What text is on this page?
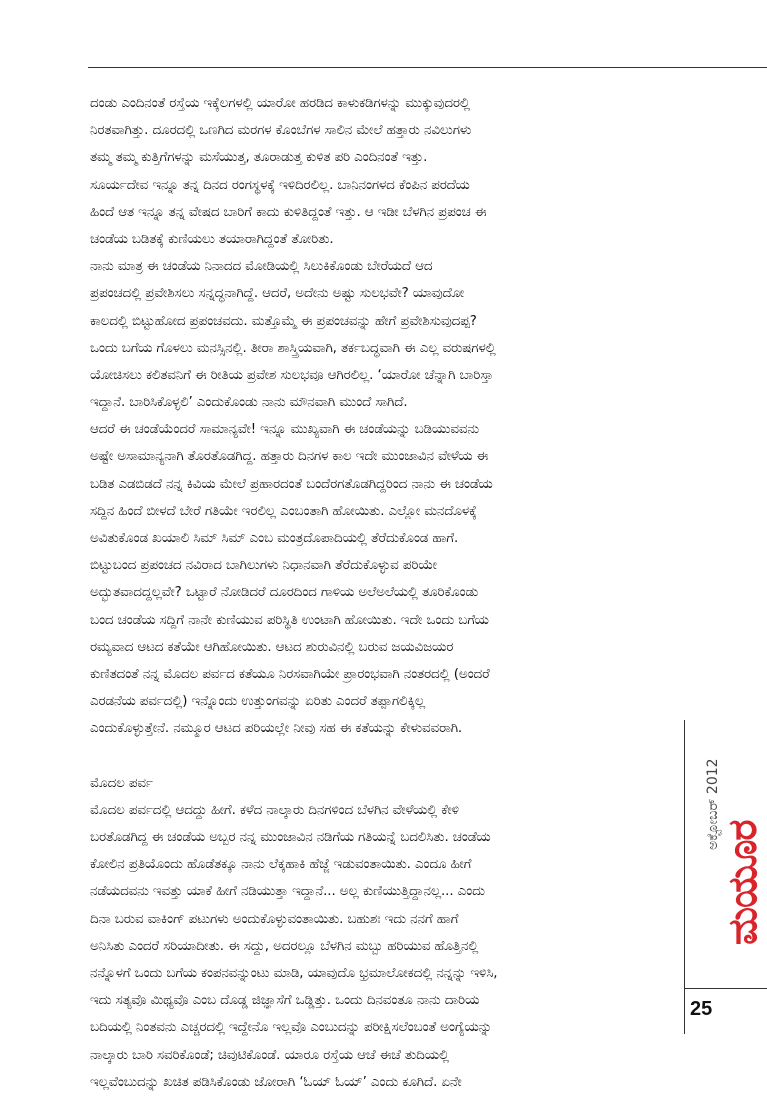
ದಂಡು ಎಂದಿನಂತೆ ರಸ್ತೆಯ ಇಕ್ಕೆಲಗಳಲ್ಲಿ ಯಾರೋ ಹರಡಿದ ಕಾಳುಕಡಿಗಳನ್ನು ಮುಕ್ಕುವುದರಲ್ಲಿ
ನಿರತವಾಗಿತ್ತು. ದೂರದಲ್ಲಿ ಒಣಗಿದ ಮರಗಳ ಕೊಂಬೆಗಳ ಸಾಲಿನ ಮೇಲೆ ಹತ್ತಾರು ನವಿಲುಗಳು
ತಮ್ಮ ತಮ್ಮ ಕುತ್ತಿಗೆಗಳನ್ನು ಮಸೆಯುತ್ತ, ತೂರಾಡುತ್ತ ಕುಳಿತ ಪರಿ ಎಂದಿನಂತೆ ಇತ್ತು.
ಸೂರ್ಯದೇವ ಇನ್ನೂ ತನ್ನ ದಿನದ ರಂಗಸ್ಥಳಕ್ಕೆ ಇಳಿದಿರಲಿಲ್ಲ. ಬಾನಿನಂಗಳದ ಕೆಂಪಿನ ಪರದೆಯ
ಹಿಂದೆ ಆತ ಇನ್ನೂ ತನ್ನ ವೇಷದ ಬಾರಿಗೆ ಕಾದು ಕುಳಿತಿದ್ದಂತೆ ಇತ್ತು. ಆ ಇಡೀ ಬೆಳಗಿನ ಪ್ರಪಂಚ ಈ
ಚಂಡೆಯ ಬಡಿತಕ್ಕೆ ಕುಣಿಯಲು ತಯಾರಾಗಿದ್ದಂತೆ ತೋರಿತು.
ನಾನು ಮಾತ್ರ ಈ ಚಂಡೆಯ ನಿನಾದದ ಮೋಡಿಯಲ್ಲಿ ಸಿಲುಕಿಕೊಂಡು ಬೇರೆಯದೆ ಆದ
ಪ್ರಪಂಚದಲ್ಲಿ ಪ್ರವೇಶಿಸಲು ಸನ್ನದ್ಧನಾಗಿದ್ದೆ. ಆದರೆ, ಅದೇನು ಅಷ್ಟು ಸುಲಭವೇ? ಯಾವುದೋ
ಕಾಲದಲ್ಲಿ ಬಿಟ್ಟುಹೋದ ಪ್ರಪಂಚವದು. ಮತ್ತೊಮ್ಮೆ ಈ ಪ್ರಪಂಚವನ್ನು ಹೇಗೆ ಪ್ರವೇಶಿಸುವುದಪ್ಪ?
ಒಂದು ಬಗೆಯ ಗೊಳಲು ಮನಸ್ಸಿನಲ್ಲಿ. ತೀರಾ ಶಾಸ್ತ್ರಿಯವಾಗಿ, ತರ್ಕಬದ್ಧವಾಗಿ ಈ ಎಲ್ಲ ವರುಷಗಳಲ್ಲಿ
ಯೋಚಿಸಲು ಕಲಿತವನಿಗೆ ಈ ರೀತಿಯ ಪ್ರವೇಶ ಸುಲಭವೂ ಆಗಿರಲಿಲ್ಲ. ‘ಯಾರೋ ಚೆನ್ನಾಗಿ ಬಾರಿಸ್ತಾ
ಇದ್ದಾನೆ. ಬಾರಿಸಿಕೊಳ್ಳಲಿ’ ಎಂದುಕೊಂಡು ನಾನು ಮೌನವಾಗಿ ಮುಂದೆ ಸಾಗಿದೆ.
ಆದರೆ ಈ ಚಂಡೆಯೆಂದರೆ ಸಾಮಾನ್ಯವೇ! ಇನ್ನೂ ಮುಖ್ಯವಾಗಿ ಈ ಚಂಡೆಯನ್ನು ಬಡಿಯುವವನು
ಅಷ್ಟೇ ಅಸಾಮಾನ್ಯನಾಗಿ ತೊರತೊಡಗಿದ್ದ. ಹತ್ತಾರು ದಿನಗಳ ಕಾಲ ಇದೇ ಮುಂಜಾವಿನ ವೇಳೆಯ ಈ
ಬಡಿತ ಎಡಬಿಡದೆ ನನ್ನ ಕಿವಿಯ ಮೇಲೆ ಪ್ರಹಾರದಂತೆ ಬಂದೆರಗತೊಡಗಿದ್ದರಿಂದ ನಾನು ಈ ಚಂಡೆಯ
ಸದ್ದಿನ ಹಿಂದೆ ಬೀಳದೆ ಬೇರೆ ಗತಿಯೇ ಇರಲಿಲ್ಲ ಎಂಬಂತಾಗಿ ಹೋಯಿತು. ಎಲ್ಲೋ ಮನದೊಳಕ್ಕೆ
ಅವಿತುಕೊಂಡ ಖಯಾಲಿ ಸಿಮ್ ಸಿಮ್ ಎಂಬ ಮಂತ್ರದೊಪಾದಿಯಲ್ಲಿ ತೆರೆದುಕೊಂಡ ಹಾಗೆ.
ಬಿಟ್ಟುಬಂದ ಪ್ರಪಂಚದ ನವಿರಾದ ಬಾಗಿಲುಗಳು ನಿಧಾನವಾಗಿ ತೆರೆದುಕೊಳ್ಳುವ ಪರಿಯೇ
ಅದ್ಭುತವಾದದ್ದಲ್ಲವೇ? ಒಟ್ಟಾರೆ ನೋಡಿದರೆ ದೂರದಿಂದ ಗಾಳಿಯ ಅಲೆಅಲೆಯಲ್ಲಿ ತೂರಿಕೊಂಡು
ಬಂದ ಚಂಡೆಯ ಸದ್ದಿಗೆ ನಾನೇ ಕುಣಿಯುವ ಪರಿಸ್ಥಿತಿ ಉಂಟಾಗಿ ಹೋಯಿತು. ಇದೇ ಒಂದು ಬಗೆಯ
ರಮ್ಯವಾದ ಆಟದ ಕತೆಯೇ ಆಗಿಹೋಯಿತು. ಆಟದ ಶುರುವಿನಲ್ಲಿ ಬರುವ ಜಯವಿಜಯರ
ಕುಣಿತದಂತೆ ನನ್ನ ಮೊದಲ ಪರ್ವದ ಕತೆಯೂ ನಿರಸವಾಗಿಯೇ ಪ್ರಾರಂಭವಾಗಿ ನಂತರದಲ್ಲಿ (ಅಂದರೆ
ಎರಡನೆಯ ಪರ್ವದಲ್ಲಿ) ಇನ್ನೊಂದು ಉತ್ತುಂಗವನ್ನು ಏರಿತು ಎಂದರೆ ತಪ್ಪಾಗಲಿಕ್ಕಿಲ್ಲ
ಎಂದುಕೊಳ್ಳುತ್ತೇನೆ. ನಮ್ಮೂರ ಆಟದ ಪರಿಯಲ್ಲೇ ನೀವು ಸಹ ಈ ಕತೆಯನ್ನು ಕೇಳುವವರಾಗಿ.
ಮೊದಲ ಪರ್ವ
ಮೊದಲ ಪರ್ವದಲ್ಲಿ ಆದದ್ದು ಹೀಗೆ. ಕಳೆದ ನಾಲ್ಕಾರು ದಿನಗಳಿಂದ ಬೆಳಗಿನ ವೇಳೆಯಲ್ಲಿ ಕೇಳಿ
ಬರತೊಡಗಿದ್ದ ಈ ಚಂಡೆಯ ಅಬ್ಬರ ನನ್ನ ಮುಂಜಾವಿನ ನಡಿಗೆಯ ಗತಿಯನ್ನೆ ಬದಲಿಸಿತು. ಚಂಡೆಯ
ಕೋಲಿನ ಪ್ರತಿಯೊಂದು ಹೊಡೆತಕ್ಕೂ ನಾನು ಲೆಕ್ಕಹಾಕಿ ಹೆಜ್ಜೆ ಇಡುವಂತಾಯಿತು. ಎಂದೂ ಹೀಗೆ
ನಡೆಯದವನು ಇವತ್ತು ಯಾಕೆ ಹೀಗೆ ನಡಿಯುತ್ತಾ ಇದ್ದಾನೆ... ಅಲ್ಲ ಕುಣಿಯುತ್ತಿದ್ದಾನಲ್ಲ... ಎಂದು
ದಿನಾ ಬರುವ ವಾಕಿಂಗ್ ಪಟುಗಳು ಅಂದುಕೊಳ್ಳುವಂತಾಯಿತು. ಬಹುಶಃ ಇದು ನನಗೆ ಹಾಗೆ
ಅನಿಸಿತು ಎಂದರೆ ಸರಿಯಾದೀತು. ಈ ಸದ್ದು, ಅದರಲ್ಲೂ ಬೆಳಗಿನ ಮಬ್ಬು ಹರಿಯುವ ಹೊತ್ತಿನಲ್ಲಿ
ನನ್ನೊಳಗೆ ಒಂದು ಬಗೆಯ ಕಂಪನವನ್ನುಂಟು ಮಾಡಿ, ಯಾವುದೊ ಭ್ರಮಾಲೋಕದಲ್ಲಿ ನನ್ನನ್ನು ಇಳಿಸಿ,
ಇದು ಸತ್ಯವೊ ಮಿಥ್ಯವೊ ಎಂಬ ದೊಡ್ಡ ಜಿಜ್ಞಾಸೆಗೆ ಒಡ್ಡಿತ್ತು. ಒಂದು ದಿನವಂತೂ ನಾನು ದಾರಿಯ
ಬದಿಯಲ್ಲಿ ನಿಂತವನು ಎಚ್ಚರದಲ್ಲಿ ಇದ್ದೇನೊ ಇಲ್ಲವೊ ಎಂಬುದನ್ನು ಪರೀಕ್ಷಿಸಲೆಂಬಂತೆ ಅಂಗ್ಯೆಯನ್ನು
ನಾಲ್ಕಾರು ಬಾರಿ ಸವರಿಕೊಂಡೆ; ಚಿವುಟಿಕೊಂಡೆ. ಯಾರೂ ರಸ್ತೆಯ ಆಚೆ ಈಚೆ ತುದಿಯಲ್ಲಿ
ಇಲ್ಲವೆಂಬುದನ್ನು ಖಚಿತ ಪಡಿಸಿಕೊಂಡು ಜೋರಾಗಿ ‘ಓಯ್ ಓಯ್’ ಎಂದು ಕೂಗಿದೆ. ಏನೇ
ಮಯೂರ
ಅಕ್ಟೋಬರ್ 2012
25
